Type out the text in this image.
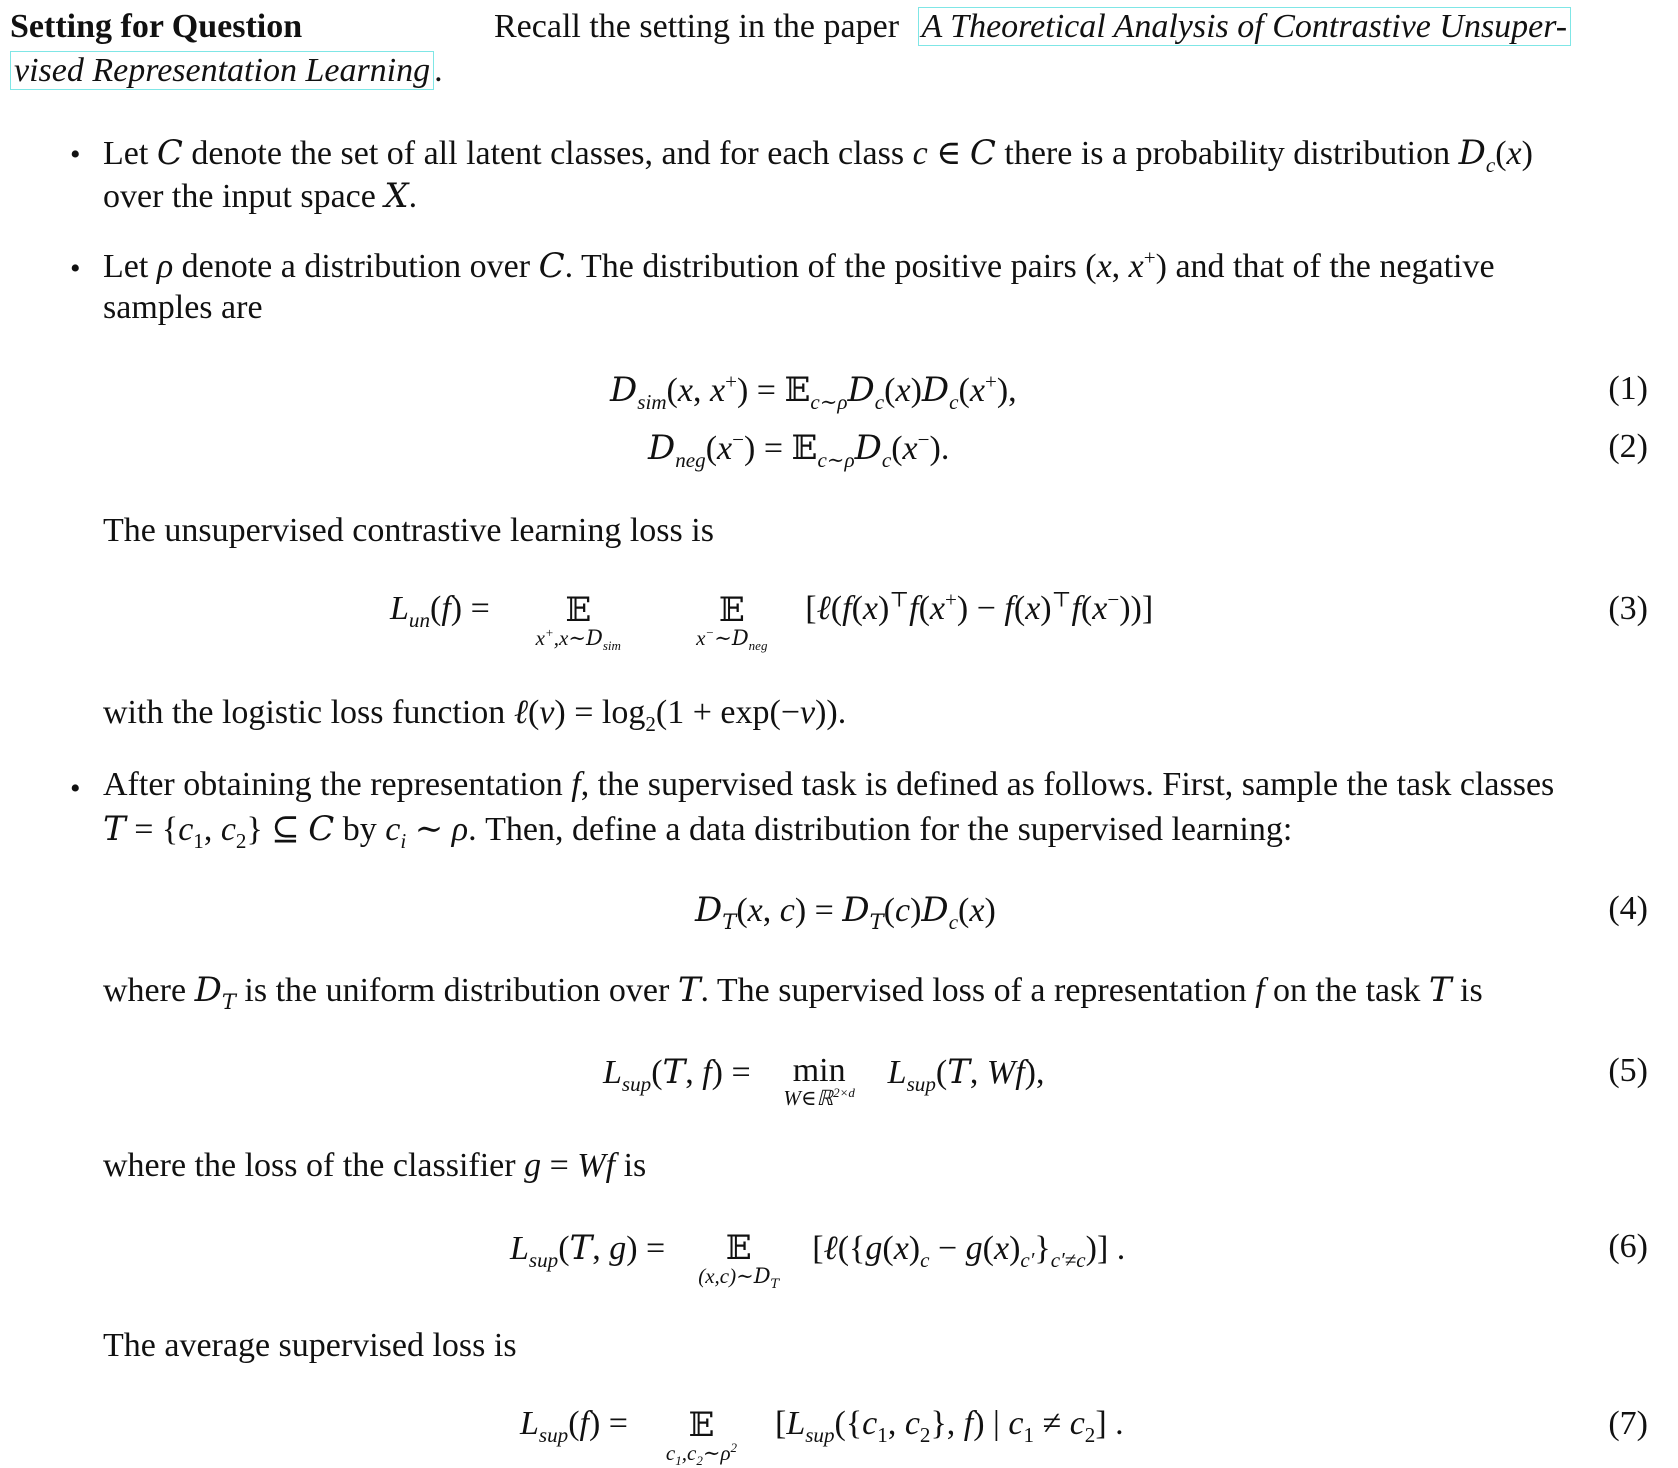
Setting for Question	Recall the setting in the paper A Theoretical Analysis of Contrastive Unsuper-
vised Representation Learning .
• Let C denote the set of all latent classes, and for each class c ∈ C there is a probability distribution $D_c(x)$
over the input space X.
• Let ρ denote a distribution over C. The distribution of the positive pairs (x, x+) and that of the negative
samples are
$D_{sim}(x$, $x^+) = 𝔼_{c\sim\rho}D_c(x)D_c(x^+)$,	(1)
$D_{neg}(x^-)$ = $𝔼_{c\sim\rho}D_c(x^-)$.	(2)
The unsupervised contrastive learning loss is
$L_{un}(f)$ =	𝔼
$x^+,x\sim D_{sim}$

𝔼
$x^-\sim D_{neg}$
[ℓ(f(x)⊤f(x+) − f(x)⊤f(x−))]	(3)
with the logistic loss function ℓ(v) = $\log_2(1 + \exp(-v))$.
• After obtaining the representation f, the supervised task is defined as follows. First, sample the task classes
$T = \{c_1$, $c_2$} ⊆ C by $c_i$ ∼ ρ. Then, define a data distribution for the supervised learning:
$D_T(x$, $c) = D_T(c)D_c(x)$	(4)
where $D_T$ is the uniform distribution over T. The supervised loss of a representation f on the task T is
$L_{sup}(T$, f) = min
W∈ℝ$^{2\times d}$
$L_{sup}(T$, Wf),	(5)
where the loss of the classifier g = Wf is
$L_{sup}(T$, g) =	𝔼
$(x,c)\sim D_T$
$[\ell(\{g(x)_c - g(x)_{c'}\}_{c'\ne c})]$ .	(6)
The average supervised loss is
$L_{sup}(f)$ =	𝔼
$c_1,c_2\sim\rho^2$
[$L_{sup}(\{c_1$, $c_2$}, f) | $c_1 \ne c_2$] .	(7)
